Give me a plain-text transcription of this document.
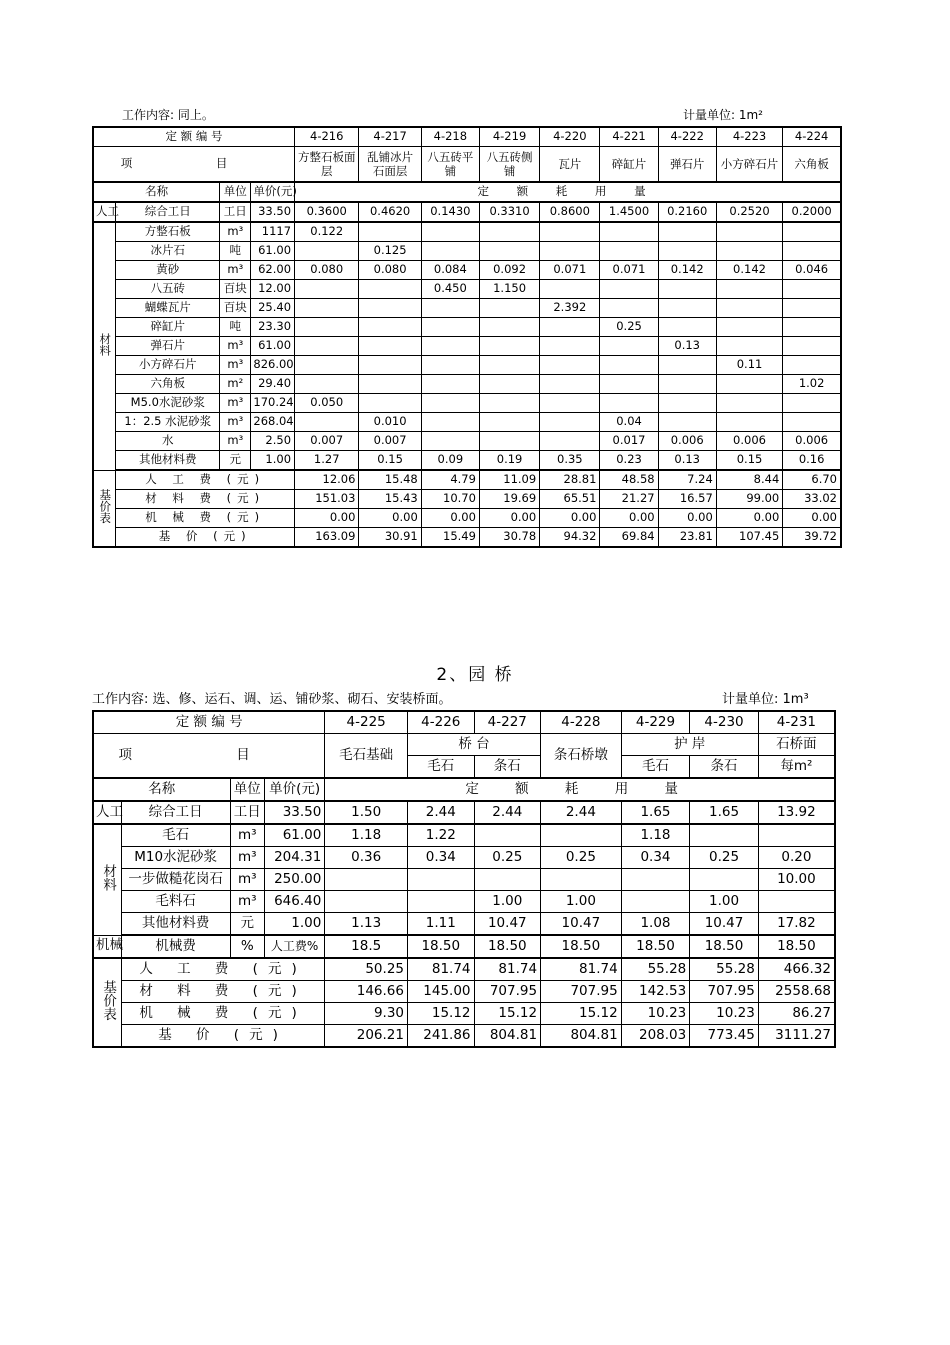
工作内容: 同上。	计量单位: 1m²
定 额 编 号				4-216	4-217	4-218	4-219	4-220	4-221	4-222	4-223	4-224
项 目				方整石板面层	乱铺冰片石面层	八五砖平铺	八五砖侧铺	瓦片	碎缸片	弹石片	小方碎石片	六角板
名称		单位	单价(元)	定 额 耗 用 量								
人工	综合工日	工日	33.50	0.3600	0.4620	0.1430	0.3310	0.8600	1.4500	0.2160	0.2520	0.2000
材料	方整石板	m³	1117	0.122								
	冰片石	吨	61.00		0.125							
	黄砂	m³	62.00	0.080	0.080	0.084	0.092	0.071	0.071	0.142	0.142	0.046
	八五砖	百块	12.00			0.450	1.150					
	蝴蝶瓦片	百块	25.40					2.392				
	碎缸片	吨	23.30						0.25			
	弹石片	m³	61.00							0.13		
	小方碎石片	m³	826.00								0.11	
	六角板	m²	29.40									1.02
	M5.0水泥砂浆	m³	170.24	0.050								
	1：2.5 水泥砂浆	m³	268.04		0.010				0.04			
	水	m³	2.50	0.007	0.007				0.017	0.006	0.006	0.006
	其他材料费	元	1.00	1.27	0.15	0.09	0.19	0.35	0.23	0.13	0.15	0.16
基价表	人 工 费 (元)			12.06	15.48	4.79	11.09	28.81	48.58	7.24	8.44	6.70
	材 料 费 (元)			151.03	15.43	10.70	19.69	65.51	21.27	16.57	99.00	33.02
	机 械 费 (元)			0.00	0.00	0.00	0.00	0.00	0.00	0.00	0.00	0.00
	基 价 (元)			163.09	30.91	15.49	30.78	94.32	69.84	23.81	107.45	39.72
2、园 桥
工作内容: 选、修、运石、调、运、铺砂浆、砌石、安装桥面。	计量单位: 1m³
定 额 编 号				4-225	4-226	4-227	4-228	4-229	4-230	4-231
项 目				毛石基础	桥 台		条石桥墩	护 岸		石桥面
					毛石	条石		毛石	条石	每m²
名称		单位	单价(元)	定 额 耗 用 量						
人工	综合工日	工日	33.50	1.50	2.44	2.44	2.44	1.65	1.65	13.92
材料	毛石	m³	61.00	1.18	1.22			1.18		
	M10水泥砂浆	m³	204.31	0.36	0.34	0.25	0.25	0.34	0.25	0.20
	一步做糙花岗石	m³	250.00							10.00
	毛料石	m³	646.40			1.00	1.00		1.00	
	其他材料费	元	1.00	1.13	1.11	10.47	10.47	1.08	10.47	17.82
机械	机械费	%	人工费%	18.5	18.50	18.50	18.50	18.50	18.50	18.50
基价表	人 工 费 (元)			50.25	81.74	81.74	81.74	55.28	55.28	466.32
	材 料 费 (元)			146.66	145.00	707.95	707.95	142.53	707.95	2558.68
	机 械 费 (元)			9.30	15.12	15.12	15.12	10.23	10.23	86.27
	基 价 (元)			206.21	241.86	804.81	804.81	208.03	773.45	3111.27
